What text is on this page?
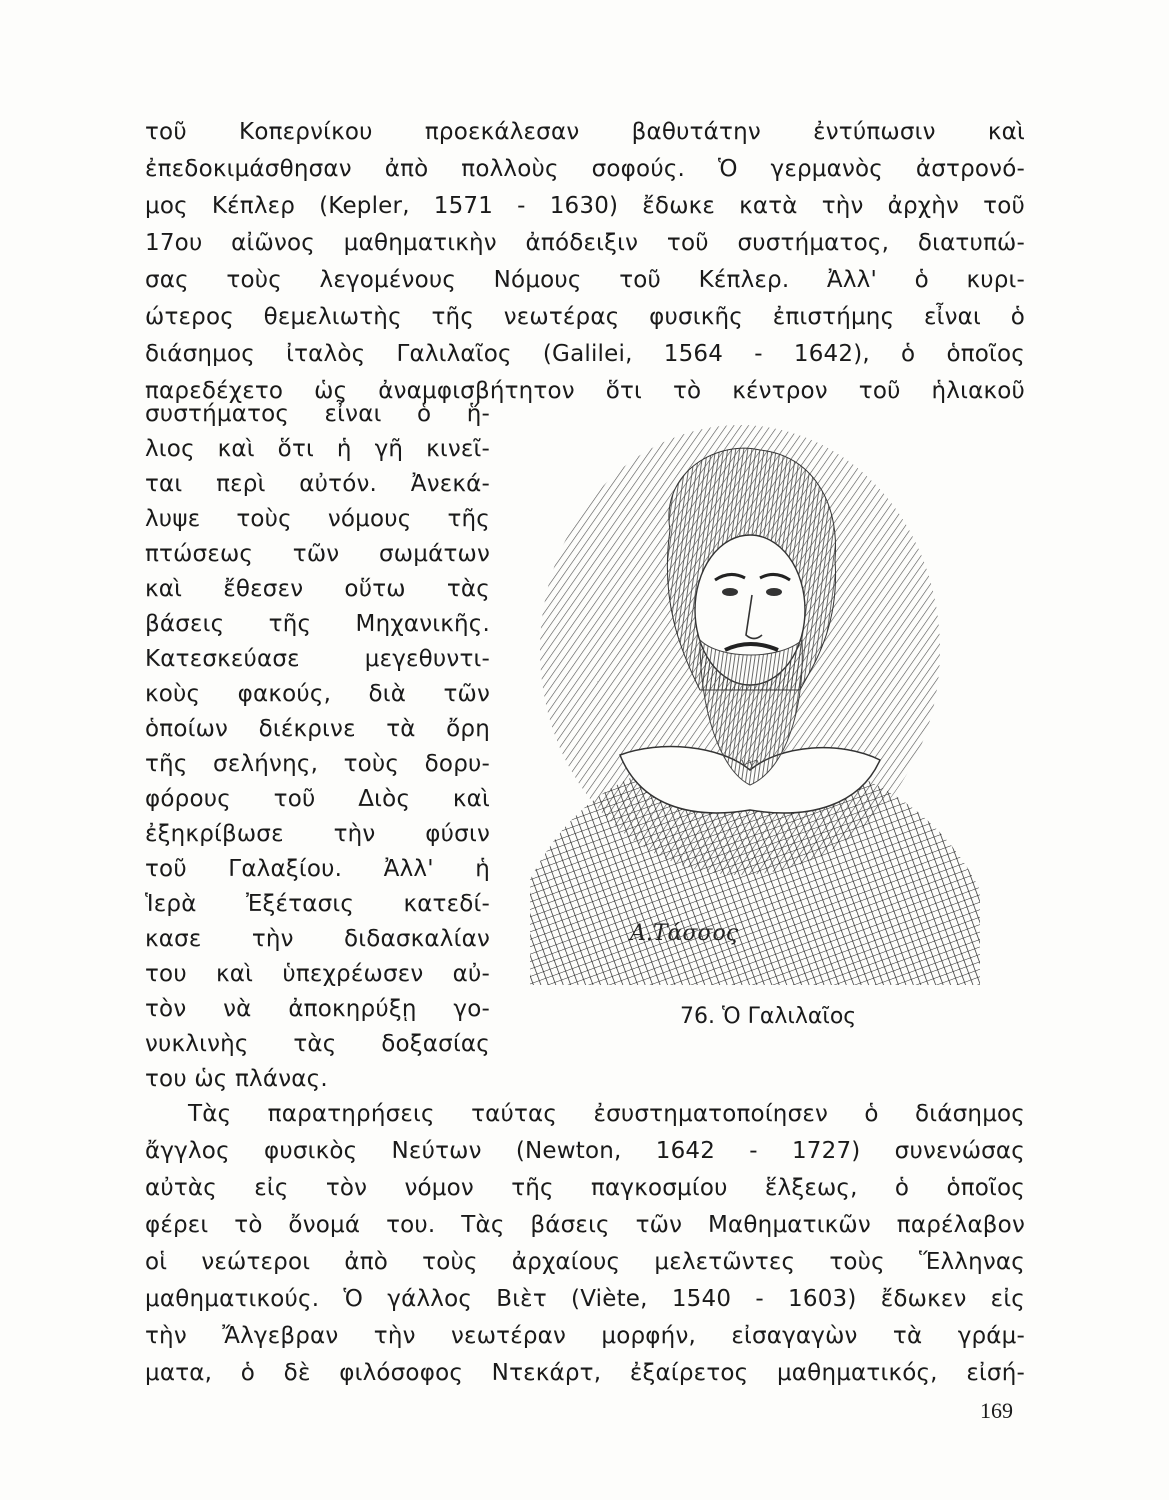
τοῦ Κοπερνίκου προεκάλεσαν βαθυτάτην ἐντύπωσιν καὶ
ἐπεδοκιμάσθησαν ἀπὸ πολλοὺς σοφούς. Ὁ γερμανὸς ἀστρονό-
μος Κέπλερ (Kepler, 1571 - 1630) ἔδωκε κατὰ τὴν ἀρχὴν τοῦ
17ου αἰῶνος μαθηματικὴν ἀπόδειξιν τοῦ συστήματος, διατυπώ-
σας τοὺς λεγομένους Νόμους τοῦ Κέπλερ. Ἀλλ' ὁ κυρι-
ώτερος θεμελιωτὴς τῆς νεωτέρας φυσικῆς ἐπιστήμης εἶναι ὁ
διάσημος ἰταλὸς Γαλιλαῖος (Galilei, 1564 - 1642), ὁ ὁποῖος
παρεδέχετο ὡς ἀναμφισβήτητον ὅτι τὸ κέντρον τοῦ ἡλιακοῦ
συστήματος εἶναι ὁ ἥ-
λιος καὶ ὅτι ἡ γῆ κινεῖ-
ται περὶ αὐτόν. Ἀνεκά-
λυψε τοὺς νόμους τῆς
πτώσεως τῶν σωμάτων
καὶ ἔθεσεν οὕτω τὰς
βάσεις τῆς Μηχανικῆς.
Κατεσκεύασε μεγεθυντι-
κοὺς φακούς, διὰ τῶν
ὁποίων διέκρινε τὰ ὄρη
τῆς σελήνης, τοὺς δορυ-
φόρους τοῦ Διὸς καὶ
ἐξηκρίβωσε τὴν φύσιν
τοῦ Γαλαξίου. Ἀλλ' ἡ
Ἱερὰ Ἐξέτασις κατεδί-
κασε τὴν διδασκαλίαν
του καὶ ὑπεχρέωσεν αὐ-
τὸν νὰ ἀποκηρύξῃ γο-
νυκλινὴς τὰς δοξασίας
του ὡς πλάνας.
Τὰς παρατηρήσεις ταύτας ἐσυστηματοποίησεν ὁ διάσημος
ἄγγλος φυσικὸς Νεύτων (Newton, 1642 - 1727) συνενώσας
αὐτὰς εἰς τὸν νόμον τῆς παγκοσμίου ἕλξεως, ὁ ὁποῖος
φέρει τὸ ὄνομά του. Τὰς βάσεις τῶν Μαθηματικῶν παρέλαβον
οἱ νεώτεροι ἀπὸ τοὺς ἀρχαίους μελετῶντες τοὺς Ἕλληνας
μαθηματικούς. Ὁ γάλλος Βιὲτ (Viète, 1540 - 1603) ἔδωκεν εἰς
τὴν Ἄλγεβραν τὴν νεωτέραν μορφήν, εἰσαγαγὼν τὰ γράμ-
ματα, ὁ δὲ φιλόσοφος Ντεκάρτ, ἐξαίρετος μαθηματικός, εἰσή-
Α.Τάσσος
76. Ὁ Γαλιλαῖος
169
